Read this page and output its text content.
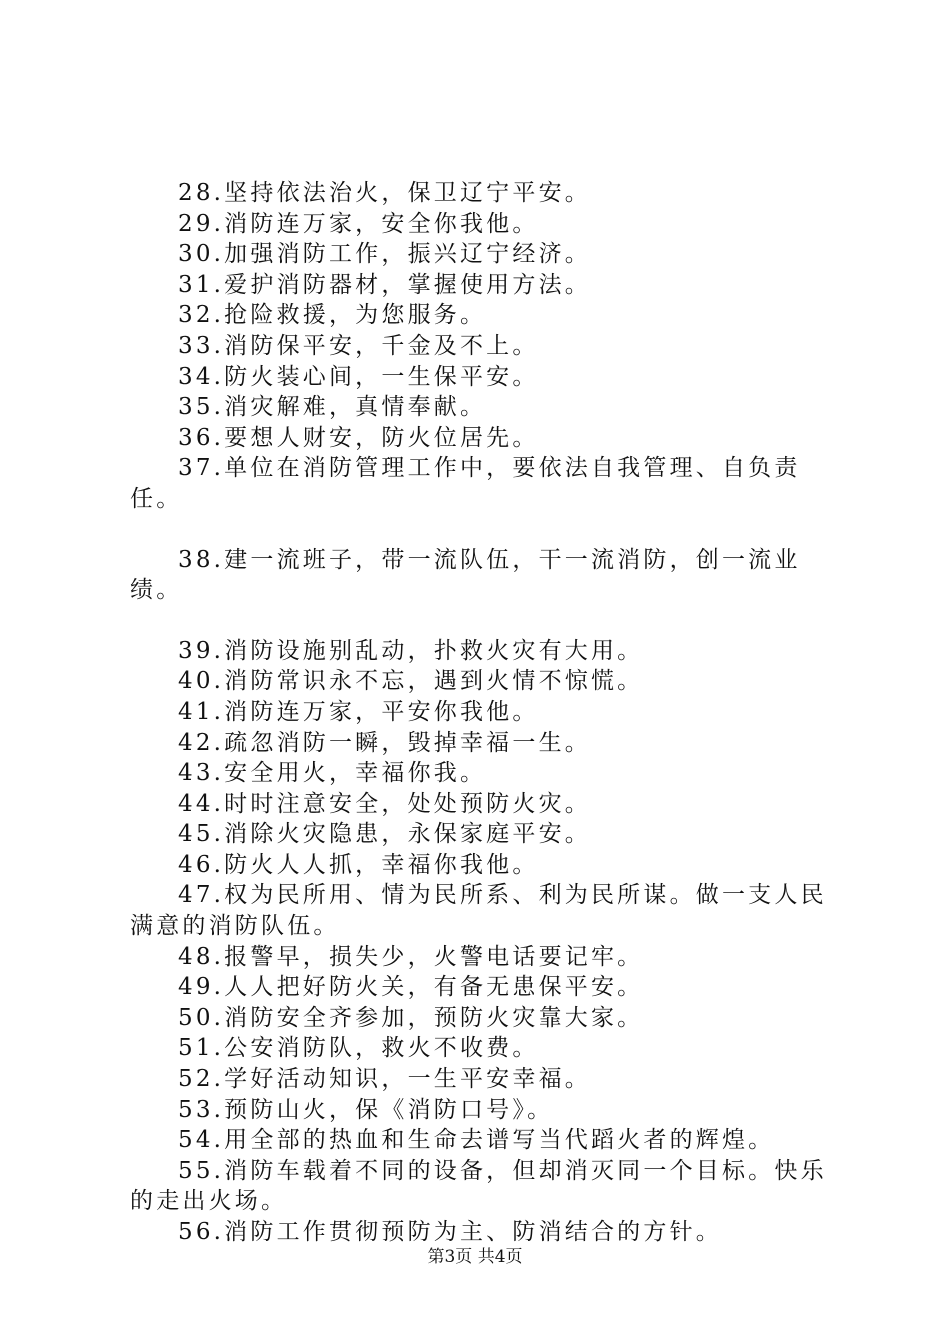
28.坚持依法治火，保卫辽宁平安。

29.消防连万家，安全你我他。

30.加强消防工作，振兴辽宁经济。

31.爱护消防器材，掌握使用方法。

32.抢险救援，为您服务。

33.消防保平安，千金及不上。

34.防火装心间，一生保平安。

35.消灾解难，真情奉献。

36.要想人财安，防火位居先。

37.单位在消防管理工作中，要依法自我管理、自负责任。

38.建一流班子，带一流队伍，干一流消防，创一流业绩。

39.消防设施别乱动，扑救火灾有大用。

40.消防常识永不忘，遇到火情不惊慌。

41.消防连万家，平安你我他。

42.疏忽消防一瞬，毁掉幸福一生。

43.安全用火，幸福你我。

44.时时注意安全，处处预防火灾。

45.消除火灾隐患，永保家庭平安。

46.防火人人抓，幸福你我他。

47.权为民所用、情为民所系、利为民所谋。做一支人民满意的消防队伍。

48.报警早，损失少，火警电话要记牢。

49.人人把好防火关，有备无患保平安。

50.消防安全齐参加，预防火灾靠大家。

51.公安消防队，救火不收费。

52.学好活动知识，一生平安幸福。

53.预防山火，保《消防口号》。

54.用全部的热血和生命去谱写当代蹈火者的辉煌。

55.消防车载着不同的设备，但却消灭同一个目标。快乐的走出火场。

56.消防工作贯彻预防为主、防消结合的方针。

第3页 共4页
